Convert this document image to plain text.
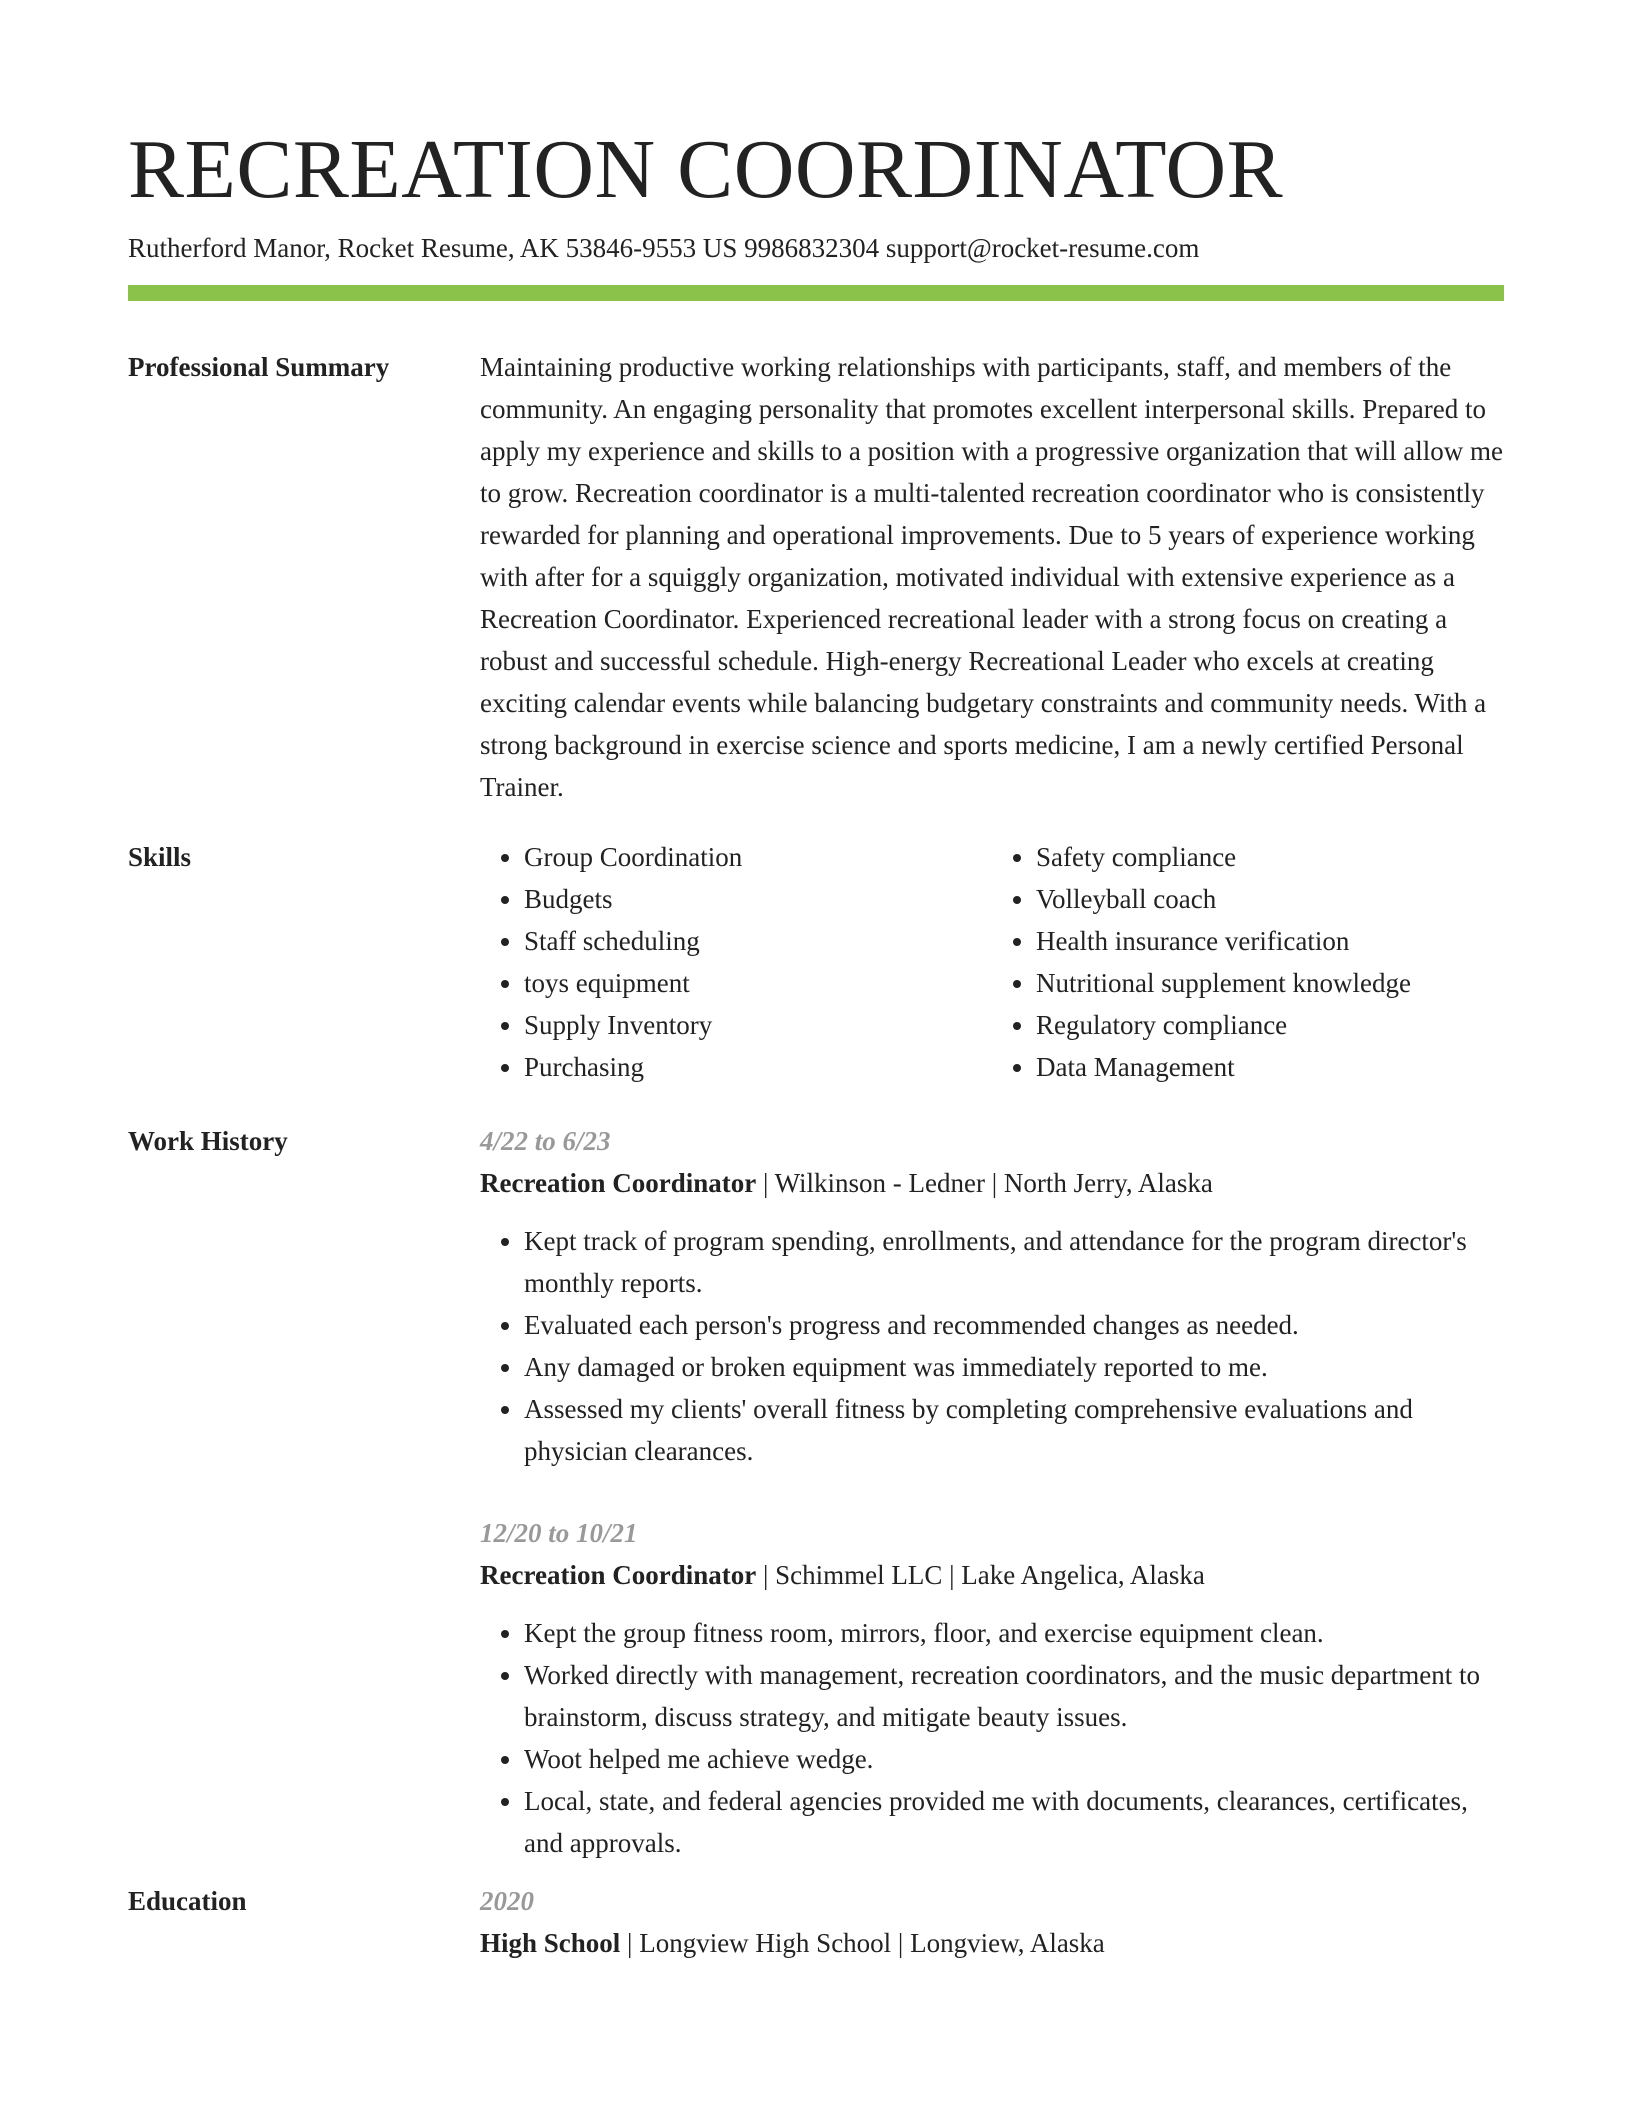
RECREATION COORDINATOR
Rutherford Manor, Rocket Resume, AK 53846-9553 US 9986832304 support@rocket-resume.com
Professional Summary	Maintaining productive working relationships with participants, staff, and members of the community. An engaging personality that promotes excellent interpersonal skills. Prepared to apply my experience and skills to a position with a progressive organization that will allow me to grow. Recreation coordinator is a multi-talented recreation coordinator who is consistently rewarded for planning and operational improvements. Due to 5 years of experience working with after for a squiggly organization, motivated individual with extensive experience as a Recreation Coordinator. Experienced recreational leader with a strong focus on creating a robust and successful schedule. High-energy Recreational Leader who excels at creating exciting calendar events while balancing budgetary constraints and community needs. With a strong background in exercise science and sports medicine, I am a newly certified Personal Trainer.

Skills
•	Group Coordination
• Budgets
• Staff scheduling
• toys equipment
• Supply Inventory
• Purchasing
• Safety compliance
• Volleyball coach
• Health insurance verification
• Nutritional supplement knowledge
• Regulatory compliance
• Data Management
Work History	4/22 to 6/23
Recreation Coordinator | Wilkinson - Ledner | North Jerry, Alaska
• Kept track of program spending, enrollments, and attendance for the program director's monthly reports.
• Evaluated each person's progress and recommended changes as needed.
• Any damaged or broken equipment was immediately reported to me.
• Assessed my clients' overall fitness by completing comprehensive evaluations and physician clearances.
12/20 to 10/21
Recreation Coordinator | Schimmel LLC | Lake Angelica, Alaska
• Kept the group fitness room, mirrors, floor, and exercise equipment clean.
• Worked directly with management, recreation coordinators, and the music department to brainstorm, discuss strategy, and mitigate beauty issues.
• Woot helped me achieve wedge.
• Local, state, and federal agencies provided me with documents, clearances, certificates, and approvals.
Education	2020
High School | Longview High School | Longview, Alaska
